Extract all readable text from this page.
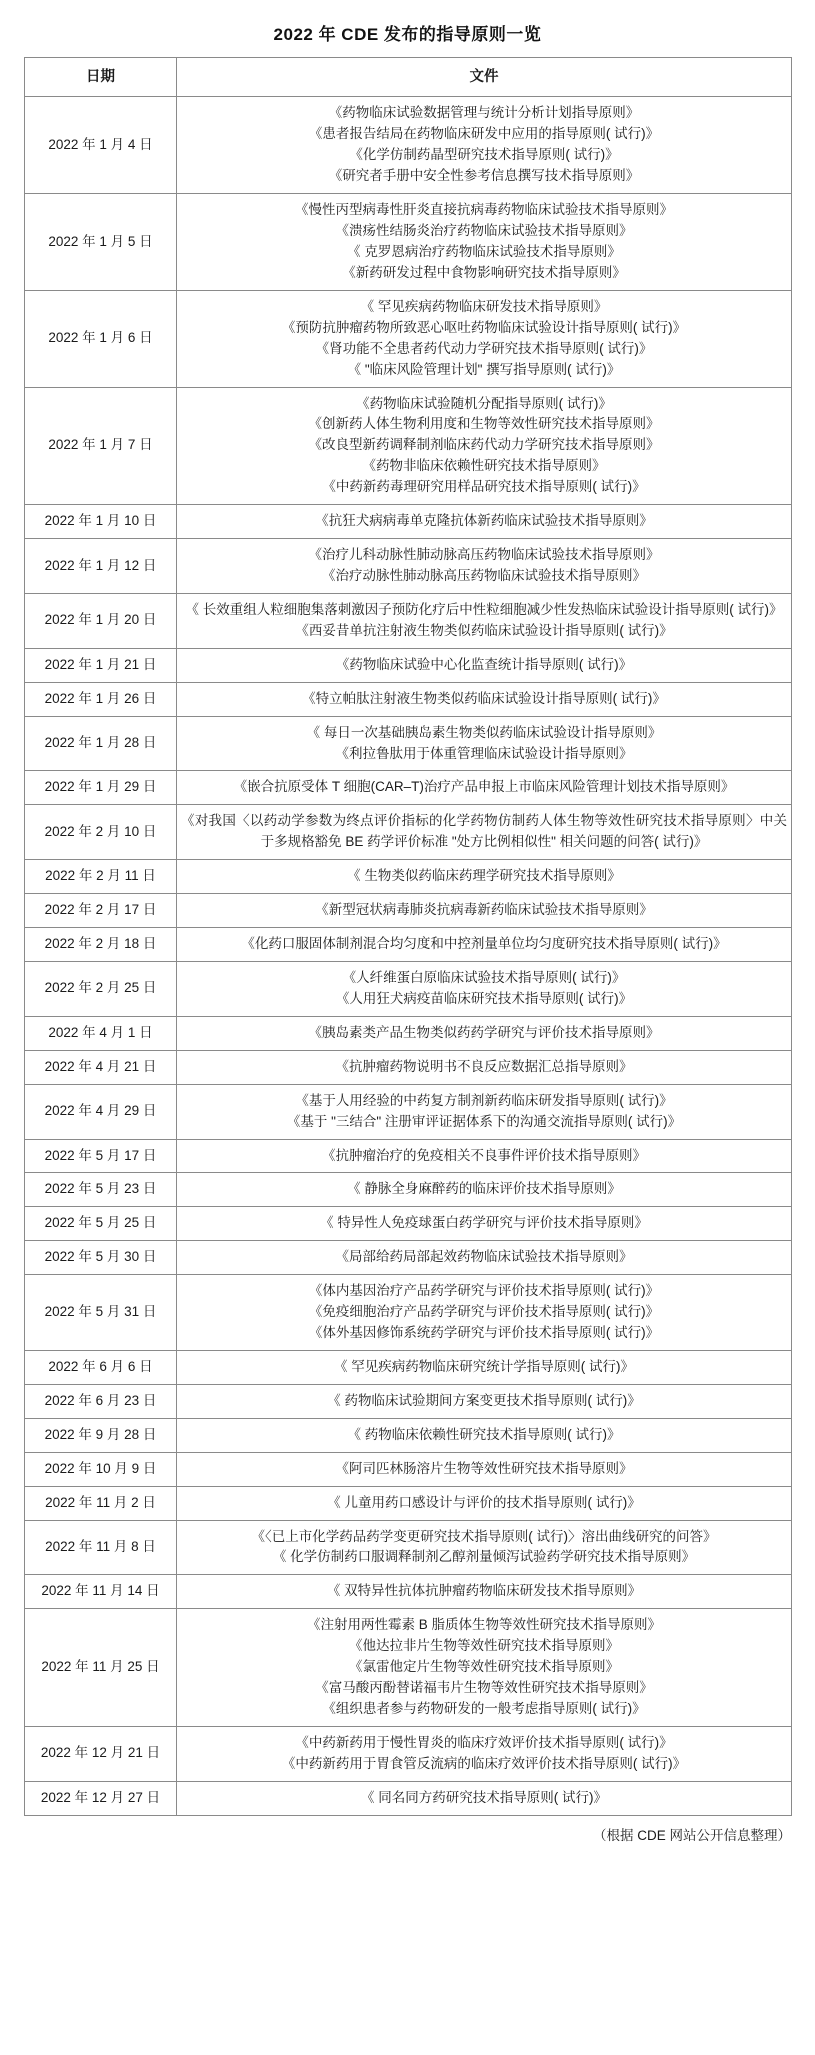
2022 年 CDE 发布的指导原则一览
日期	文件
2022 年 1 月 4 日	《药物临床试验数据管理与统计分析计划指导原则》
《患者报告结局在药物临床研发中应用的指导原则( 试行)》
《化学仿制药晶型研究技术指导原则( 试行)》
《研究者手册中安全性参考信息撰写技术指导原则》

2022 年 1 月 5 日	《慢性丙型病毒性肝炎直接抗病毒药物临床试验技术指导原则》
《溃疡性结肠炎治疗药物临床试验技术指导原则》
《 克罗恩病治疗药物临床试验技术指导原则》
《新药研发过程中食物影响研究技术指导原则》

2022 年 1 月 6 日	《 罕见疾病药物临床研发技术指导原则》
《预防抗肿瘤药物所致恶心呕吐药物临床试验设计指导原则( 试行)》
《肾功能不全患者药代动力学研究技术指导原则( 试行)》
《 "临床风险管理计划" 撰写指导原则( 试行)》

2022 年 1 月 7 日	《药物临床试验随机分配指导原则( 试行)》
《创新药人体生物利用度和生物等效性研究技术指导原则》
《改良型新药调释制剂临床药代动力学研究技术指导原则》
《药物非临床依赖性研究技术指导原则》
《中药新药毒理研究用样品研究技术指导原则( 试行)》

2022 年 1 月 10 日	《抗狂犬病病毒单克隆抗体新药临床试验技术指导原则》

2022 年 1 月 12 日	《治疗儿科动脉性肺动脉高压药物临床试验技术指导原则》
《治疗动脉性肺动脉高压药物临床试验技术指导原则》

2022 年 1 月 20 日	《 长效重组人粒细胞集落刺激因子预防化疗后中性粒细胞减少性发热临床试验设计指导原则( 试行)》
《西妥昔单抗注射液生物类似药临床试验设计指导原则( 试行)》

2022 年 1 月 21 日	《药物临床试验中心化监查统计指导原则( 试行)》

2022 年 1 月 26 日	《特立帕肽注射液生物类似药临床试验设计指导原则( 试行)》

2022 年 1 月 28 日	《 每日一次基础胰岛素生物类似药临床试验设计指导原则》
《利拉鲁肽用于体重管理临床试验设计指导原则》

2022 年 1 月 29 日	《嵌合抗原受体 T 细胞(CAR–T)治疗产品申报上市临床风险管理计划技术指导原则》

2022 年 2 月 10 日	《对我国〈以药动学参数为终点评价指标的化学药物仿制药人体生物等效性研究技术指导原则〉中关于多规格豁免 BE 药学评价标准 "处方比例相似性" 相关问题的问答( 试行)》

2022 年 2 月 11 日	《 生物类似药临床药理学研究技术指导原则》

2022 年 2 月 17 日	《新型冠状病毒肺炎抗病毒新药临床试验技术指导原则》

2022 年 2 月 18 日	《化药口服固体制剂混合均匀度和中控剂量单位均匀度研究技术指导原则( 试行)》

2022 年 2 月 25 日	《人纤维蛋白原临床试验技术指导原则( 试行)》
《人用狂犬病疫苗临床研究技术指导原则( 试行)》

2022 年 4 月 1 日	《胰岛素类产品生物类似药药学研究与评价技术指导原则》

2022 年 4 月 21 日	《抗肿瘤药物说明书不良反应数据汇总指导原则》

2022 年 4 月 29 日	《基于人用经验的中药复方制剂新药临床研发指导原则( 试行)》
《基于 "三结合" 注册审评证据体系下的沟通交流指导原则( 试行)》

2022 年 5 月 17 日	《抗肿瘤治疗的免疫相关不良事件评价技术指导原则》

2022 年 5 月 23 日	《 静脉全身麻醉药的临床评价技术指导原则》

2022 年 5 月 25 日	《 特异性人免疫球蛋白药学研究与评价技术指导原则》

2022 年 5 月 30 日	《局部给药局部起效药物临床试验技术指导原则》

2022 年 5 月 31 日	《体内基因治疗产品药学研究与评价技术指导原则( 试行)》
《免疫细胞治疗产品药学研究与评价技术指导原则( 试行)》
《体外基因修饰系统药学研究与评价技术指导原则( 试行)》

2022 年 6 月 6 日	《 罕见疾病药物临床研究统计学指导原则( 试行)》

2022 年 6 月 23 日	《 药物临床试验期间方案变更技术指导原则( 试行)》

2022 年 9 月 28 日	《 药物临床依赖性研究技术指导原则( 试行)》

2022 年 10 月 9 日	《阿司匹林肠溶片生物等效性研究技术指导原则》

2022 年 11 月 2 日	《 儿童用药口感设计与评价的技术指导原则( 试行)》

2022 年 11 月 8 日	《〈已上市化学药品药学变更研究技术指导原则( 试行)〉溶出曲线研究的问答》
《 化学仿制药口服调释制剂乙醇剂量倾泻试验药学研究技术指导原则》

2022 年 11 月 14 日	《 双特异性抗体抗肿瘤药物临床研发技术指导原则》

2022 年 11 月 25 日	《注射用两性霉素 B 脂质体生物等效性研究技术指导原则》
《他达拉非片生物等效性研究技术指导原则》
《氯雷他定片生物等效性研究技术指导原则》
《富马酸丙酚替诺福韦片生物等效性研究技术指导原则》
《组织患者参与药物研发的一般考虑指导原则( 试行)》

2022 年 12 月 21 日	《中药新药用于慢性胃炎的临床疗效评价技术指导原则( 试行)》
《中药新药用于胃食管反流病的临床疗效评价技术指导原则( 试行)》

2022 年 12 月 27 日	《 同名同方药研究技术指导原则( 试行)》
（根据 CDE 网站公开信息整理）
